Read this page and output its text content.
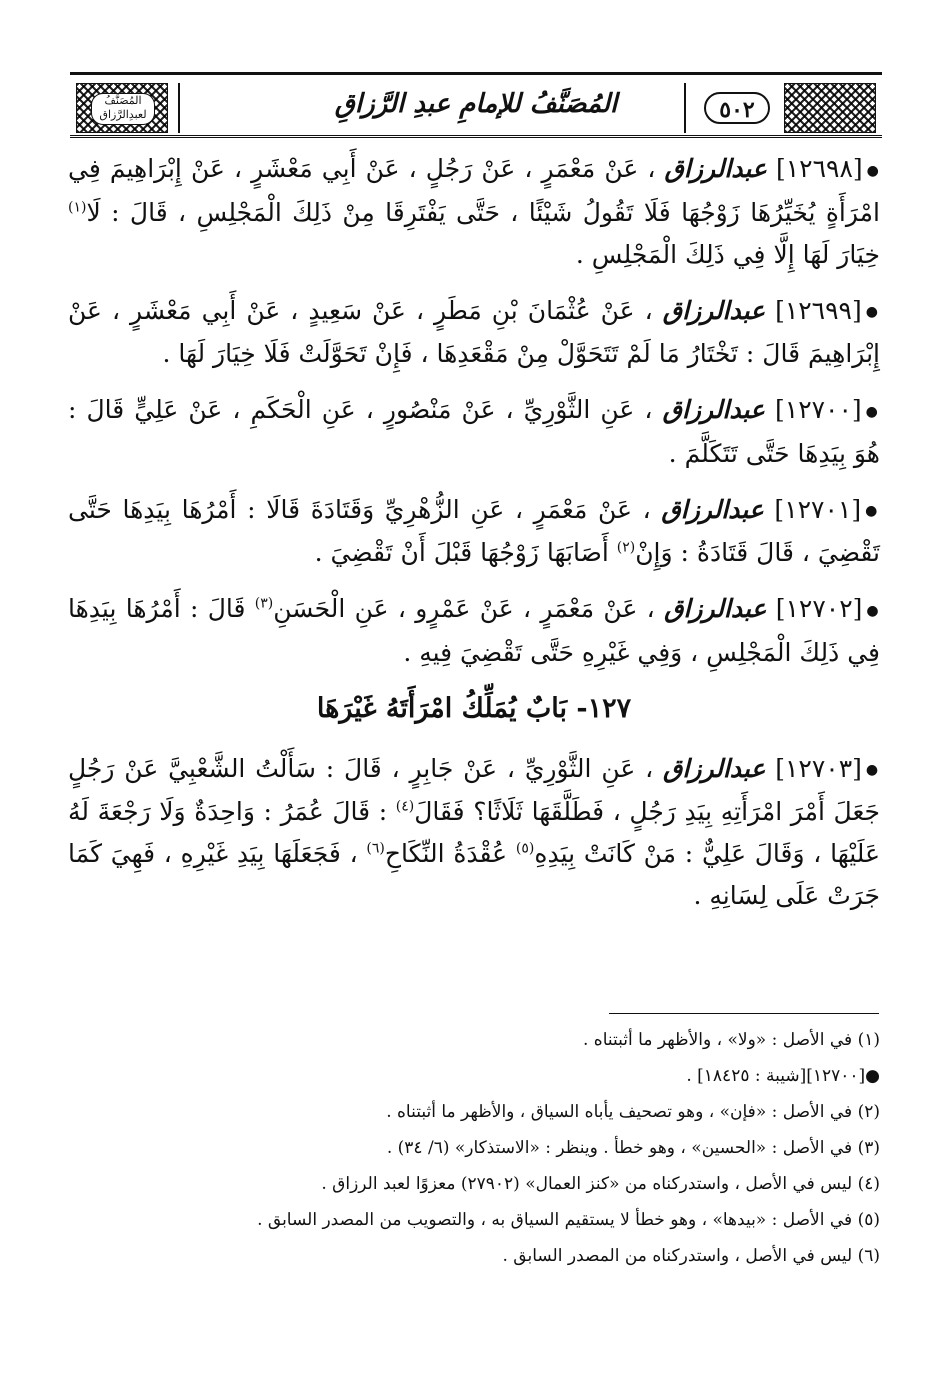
المُصَنَّفُ
لعبدِالرَّزاق	المُصَنَّفُ للإمامِ عبدِ الرَّزاقِ	٥٠٢

●[١٢٦٩٨] عبدالرزاق ، عَنْ مَعْمَرٍ ، عَنْ رَجُلٍ ، عَنْ أَبِي مَعْشَرٍ ، عَنْ إِبْرَاهِيمَ فِي امْرَأَةٍ يُخَيِّرُهَا زَوْجُهَا فَلَا تَقُولُ شَيْئًا ، حَتَّى يَفْتَرِقَا مِنْ ذَلِكَ الْمَجْلِسِ ، قَالَ : لَا$^{(١)}$ خِيَارَ لَهَا إِلَّا فِي ذَلِكَ الْمَجْلِسِ .

●[١٢٦٩٩] عبدالرزاق ، عَنْ عُثْمَانَ بْنِ مَطَرٍ ، عَنْ سَعِيدٍ ، عَنْ أَبِي مَعْشَرٍ ، عَنْ إِبْرَاهِيمَ قَالَ : تَخْتَارُ مَا لَمْ تَتَحَوَّلْ مِنْ مَقْعَدِهَا ، فَإِنْ تَحَوَّلَتْ فَلَا خِيَارَ لَهَا .

●[١٢٧٠٠] عبدالرزاق ، عَنِ الثَّوْرِيِّ ، عَنْ مَنْصُورٍ ، عَنِ الْحَكَمِ ، عَنْ عَلِيٍّ قَالَ : هُوَ بِيَدِهَا حَتَّى تَتَكَلَّمَ .

●[١٢٧٠١] عبدالرزاق ، عَنْ مَعْمَرٍ ، عَنِ الزُّهْرِيِّ وَقَتَادَةَ قَالَا : أَمْرُهَا بِيَدِهَا حَتَّى تَقْضِيَ ، قَالَ قَتَادَةُ : وَإِنْ$^{(٢)}$ أَصَابَهَا زَوْجُهَا قَبْلَ أَنْ تَقْضِيَ .

●[١٢٧٠٢] عبدالرزاق ، عَنْ مَعْمَرٍ ، عَنْ عَمْرٍو ، عَنِ الْحَسَنِ$^{(٣)}$ قَالَ : أَمْرُهَا بِيَدِهَا فِي ذَلِكَ الْمَجْلِسِ ، وَفِي غَيْرِهِ حَتَّى تَقْضِيَ فِيهِ .

١٢٧- بَابٌ يُمَلِّكُ امْرَأَتَهُ غَيْرَهَا

●[١٢٧٠٣] عبدالرزاق ، عَنِ الثَّوْرِيِّ ، عَنْ جَابِرٍ ، قَالَ : سَأَلْتُ الشَّعْبِيَّ عَنْ رَجُلٍ جَعَلَ أَمْرَ امْرَأَتِهِ بِيَدِ رَجُلٍ ، فَطَلَّقَهَا ثَلَاثًا؟ فَقَالَ$^{(٤)}$ : قَالَ عُمَرُ : وَاحِدَةٌ وَلَا رَجْعَةَ لَهُ عَلَيْهَا ، وَقَالَ عَلِيٌّ : مَنْ كَانَتْ بِيَدِهِ$^{(٥)}$ عُقْدَةُ النِّكَاحِ$^{(٦)}$ ، فَجَعَلَهَا بِيَدِ غَيْرِهِ ، فَهِيَ كَمَا جَرَتْ عَلَى لِسَانِهِ .

(١) في الأصل : «ولا» ، والأظهر ما أثبتناه .

●[١٢٧٠٠][شيبة : ١٨٤٢٥] .

(٢) في الأصل : «فإن» ، وهو تصحيف يأباه السياق ، والأظهر ما أثبتناه .

(٣) في الأصل : «الحسين» ، وهو خطأ . وينظر : «الاستذكار» (٦/ ٣٤) .

(٤) ليس في الأصل ، واستدركناه من «كنز العمال» (٢٧٩٠٢) معزوًا لعبد الرزاق .

(٥) في الأصل : «بيدها» ، وهو خطأ لا يستقيم السياق به ، والتصويب من المصدر السابق .

(٦) ليس في الأصل ، واستدركناه من المصدر السابق .
